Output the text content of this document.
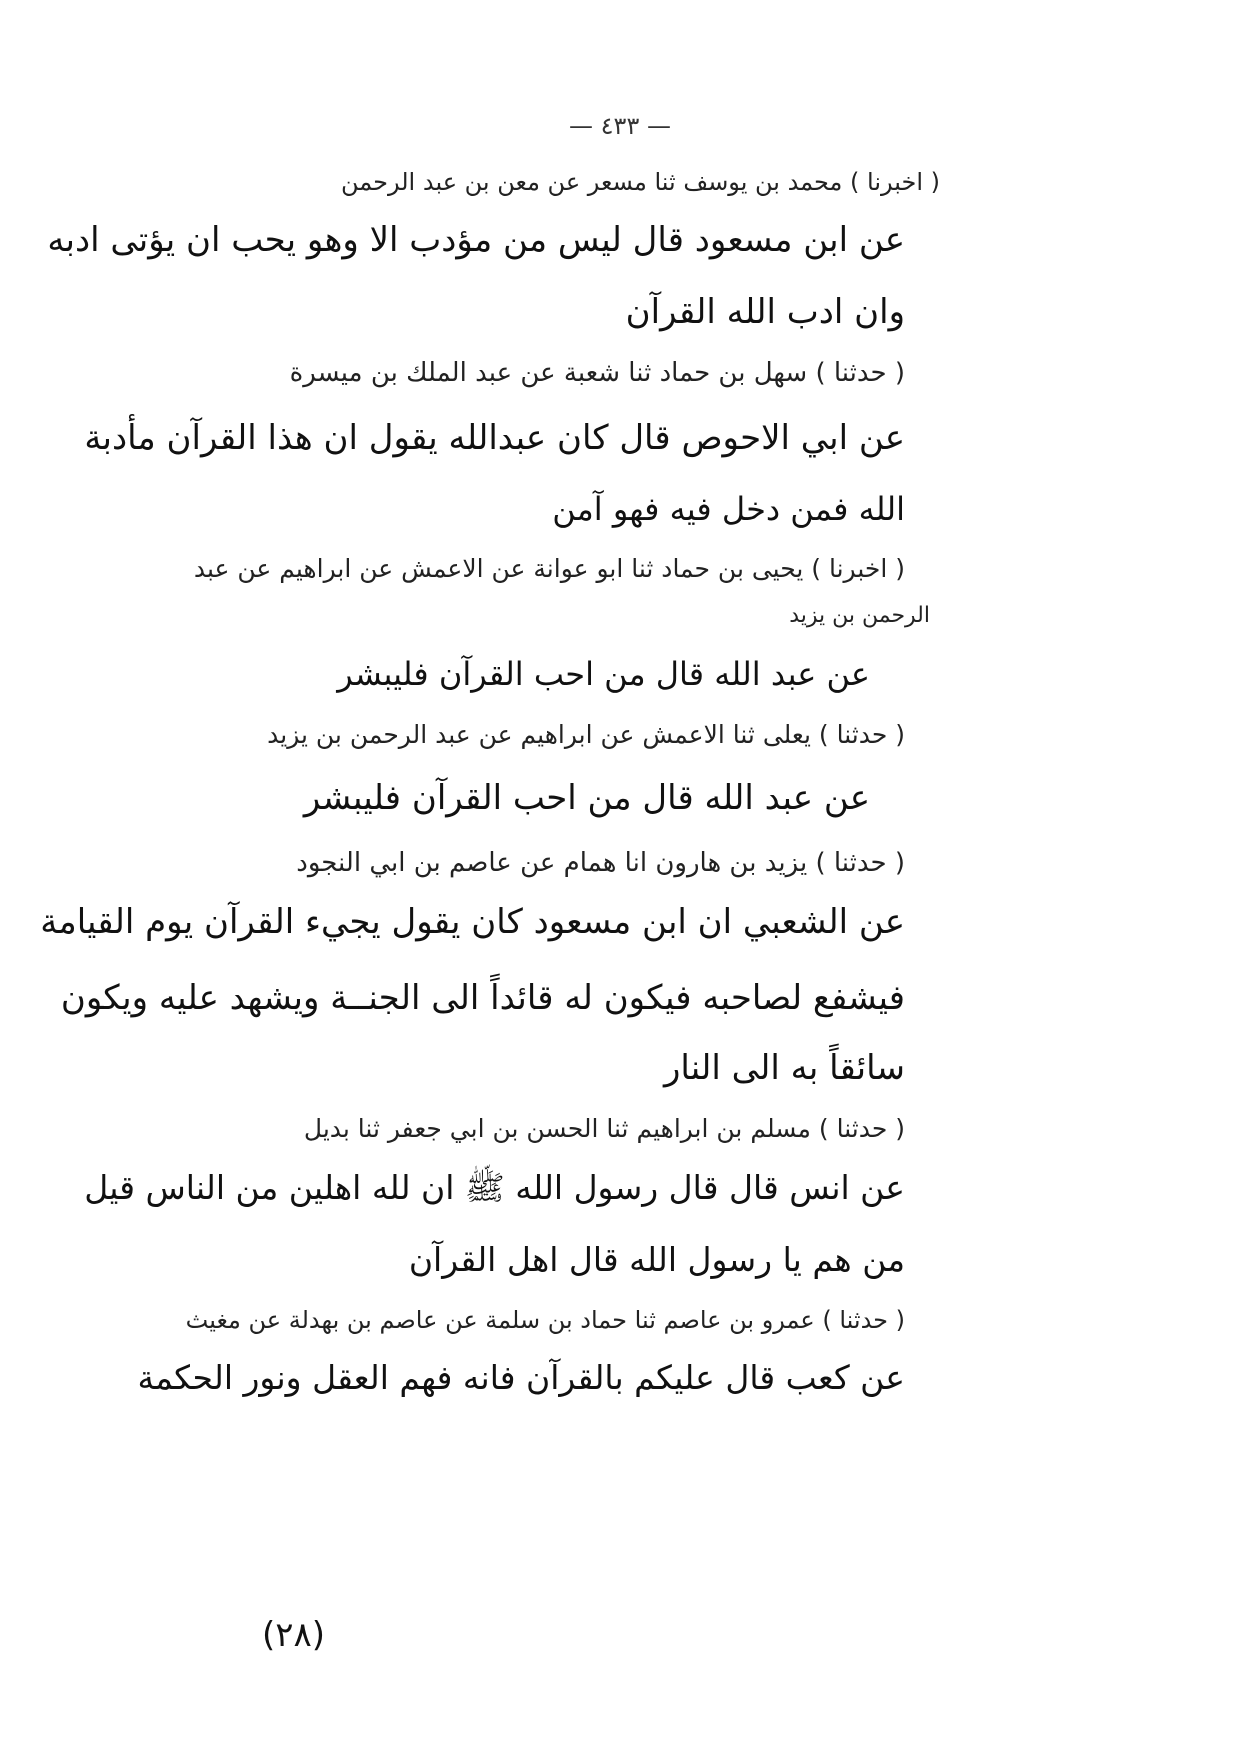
— ٤٣٣ —
( اخبرنا ) محمد بن يوسف ثنا مسعر عن معن بن عبد الرحمن
عن ابن مسعود قال ليس من مؤدب الا وهو يحب ان يؤتى ادبه
وان ادب الله القرآن
( حدثنا ) سهل بن حماد ثنا شعبة عن عبد الملك بن ميسرة
عن ابي الاحوص قال كان عبدالله يقول ان هذا القرآن مأدبة
الله فمن دخل فيه فهو آمن
( اخبرنا ) يحيى بن حماد ثنا ابو عوانة عن الاعمش عن ابراهيم عن عبد
الرحمن بن يزيد
عن عبد الله قال من احب القرآن فليبشر
( حدثنا ) يعلى ثنا الاعمش عن ابراهيم عن عبد الرحمن بن يزيد
عن عبد الله قال من احب القرآن فليبشر
( حدثنا ) يزيد بن هارون انا همام عن عاصم بن ابي النجود
عن الشعبي ان ابن مسعود كان يقول يجيء القرآن يوم القيامة
فيشفع لصاحبه فيكون له قائداً الى الجنــة ويشهد عليه ويكون
سائقاً به الى النار
( حدثنا ) مسلم بن ابراهيم ثنا الحسن بن ابي جعفر ثنا بديل
عن انس قال قال رسول الله ﷺ ان لله اهلين من الناس قيل
من هم يا رسول الله قال اهل القرآن
( حدثنا ) عمرو بن عاصم ثنا حماد بن سلمة عن عاصم بن بهدلة عن مغيث
عن كعب قال عليكم بالقرآن فانه فهم العقل ونور الحكمة
(٢٨)
